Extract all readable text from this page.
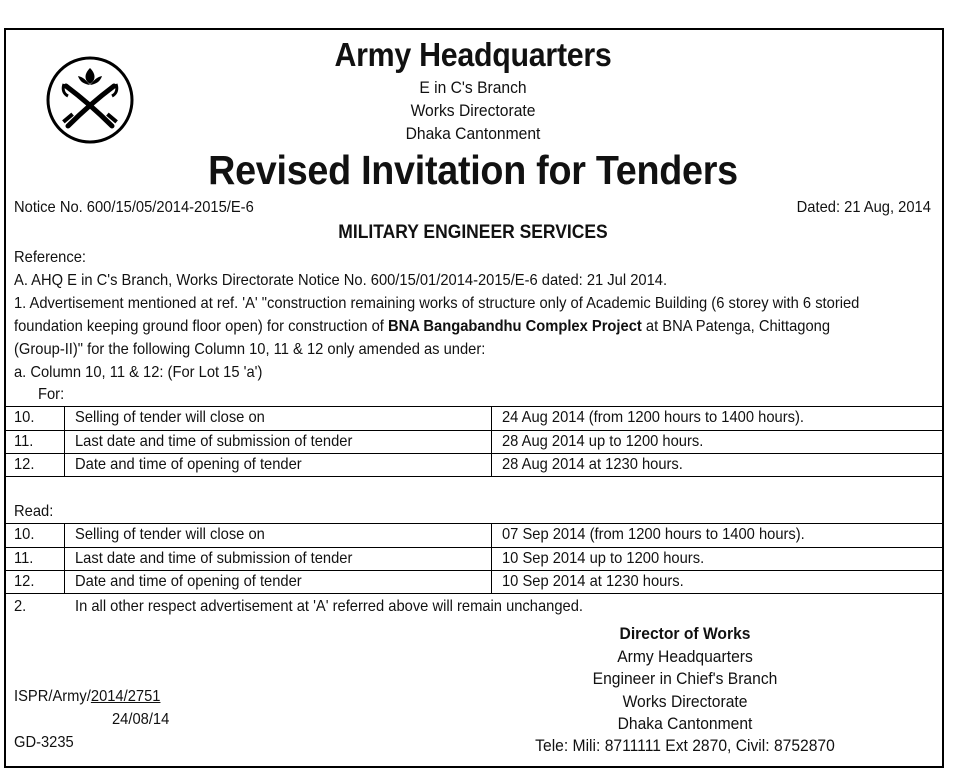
Army Headquarters
E in C's Branch
Works Directorate
Dhaka Cantonment
Revised Invitation for Tenders
Notice No. 600/15/05/2014-2015/E-6	Dated: 21 Aug, 2014
MILITARY ENGINEER SERVICES
Reference:
A. AHQ E in C's Branch, Works Directorate Notice No. 600/15/01/2014-2015/E-6 dated: 21 Jul 2014.
1. Advertisement mentioned at ref. 'A' "construction remaining works of structure only of Academic Building (6 storey with 6 storied
foundation keeping ground floor open) for construction of BNA Bangabandhu Complex Project at BNA Patenga, Chittagong
(Group-II)" for the following Column 10, 11 & 12 only amended as under:
a. Column 10, 11 & 12: (For Lot 15 'a')
For:
10.	Selling of tender will close on	24 Aug 2014 (from 1200 hours to 1400 hours).
11.	Last date and time of submission of tender	28 Aug 2014 up to 1200 hours.
12.	Date and time of opening of tender	28 Aug 2014 at 1230 hours.
Read:
10.	Selling of tender will close on	07 Sep 2014 (from 1200 hours to 1400 hours).
11.	Last date and time of submission of tender	10 Sep 2014 up to 1200 hours.
12.	Date and time of opening of tender	10 Sep 2014 at 1230 hours.
2.	In all other respect advertisement at 'A' referred above will remain unchanged.
Director of Works
Army Headquarters
Engineer in Chief's Branch
Works Directorate
Dhaka Cantonment
Tele: Mili: 8711111 Ext 2870, Civil: 8752870
ISPR/Army/2014/2751
24/08/14
GD-3235
